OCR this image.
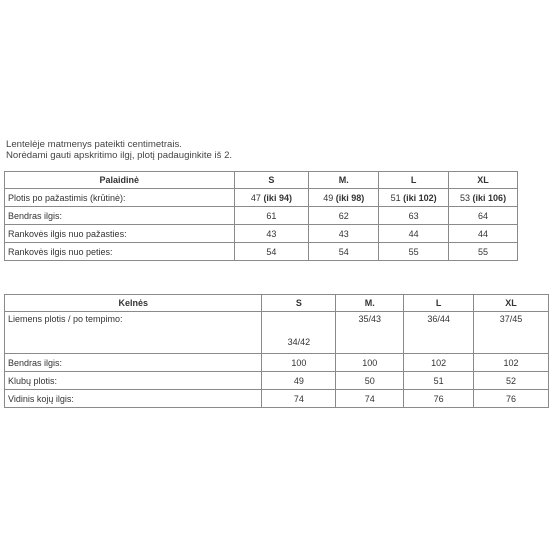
Lentelėje matmenys pateikti centimetrais.
Norėdami gauti apskritimo ilgį, plotį padauginkite iš 2.
Palaidinė	S	M.	L	XL
Plotis po pažastimis (krūtinė):	47 (iki 94)	49 (iki 98)	51 (iki 102)	53 (iki 106)
Bendras ilgis:	61	62	63	64
Rankovės ilgis nuo pažasties:	43	43	44	44
Rankovės ilgis nuo peties:	54	54	55	55
Kelnės	S	M.	L	XL
Liemens plotis / po tempimo:	34/42	35/43	36/44	37/45
Bendras ilgis:	100	100	102	102
Klubų plotis:	49	50	51	52
Vidinis kojų ilgis:	74	74	76	76
